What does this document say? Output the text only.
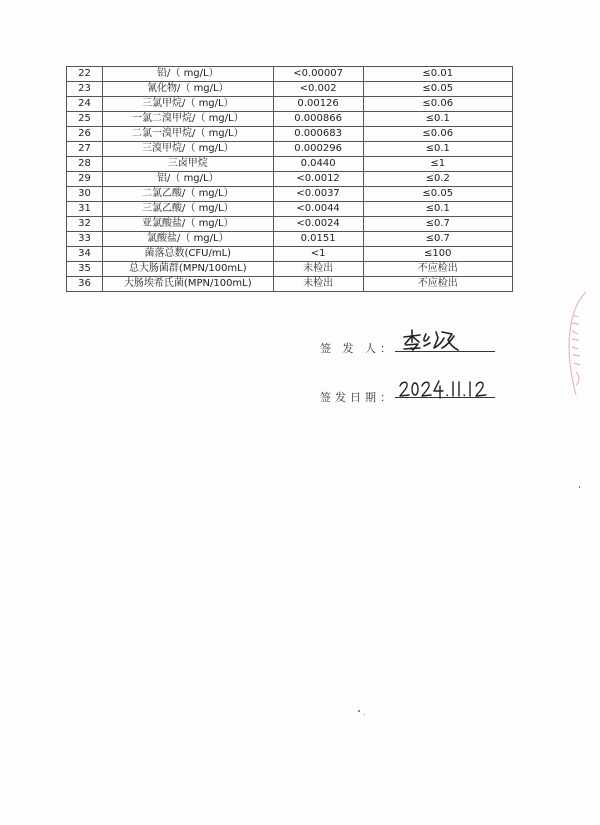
22	铅/（ mg/L）	<0.00007	≤0.01
23	氰化物/（ mg/L）	<0.002	≤0.05
24	三氯甲烷/（ mg/L）	0.00126	≤0.06
25	一氯二溴甲烷/（ mg/L）	0.000866	≤0.1
26	二氯一溴甲烷/（ mg/L）	0.000683	≤0.06
27	三溴甲烷/（ mg/L）	0.000296	≤0.1
28	三卤甲烷	0.0440	≤1
29	铝/（ mg/L）	<0.0012	≤0.2
30	二氯乙酸/（ mg/L）	<0.0037	≤0.05
31	三氯乙酸/（ mg/L）	<0.0044	≤0.1
32	亚氯酸盐/（ mg/L）	<0.0024	≤0.7
33	氯酸盐/（ mg/L）	0.0151	≤0.7
34	菌落总数(CFU/mL)	<1	≤100
35	总大肠菌群(MPN/100mL)	未检出	不应检出
36	大肠埃希氏菌(MPN/100mL)	未检出	不应检出
签 发 人：
签发日期：
